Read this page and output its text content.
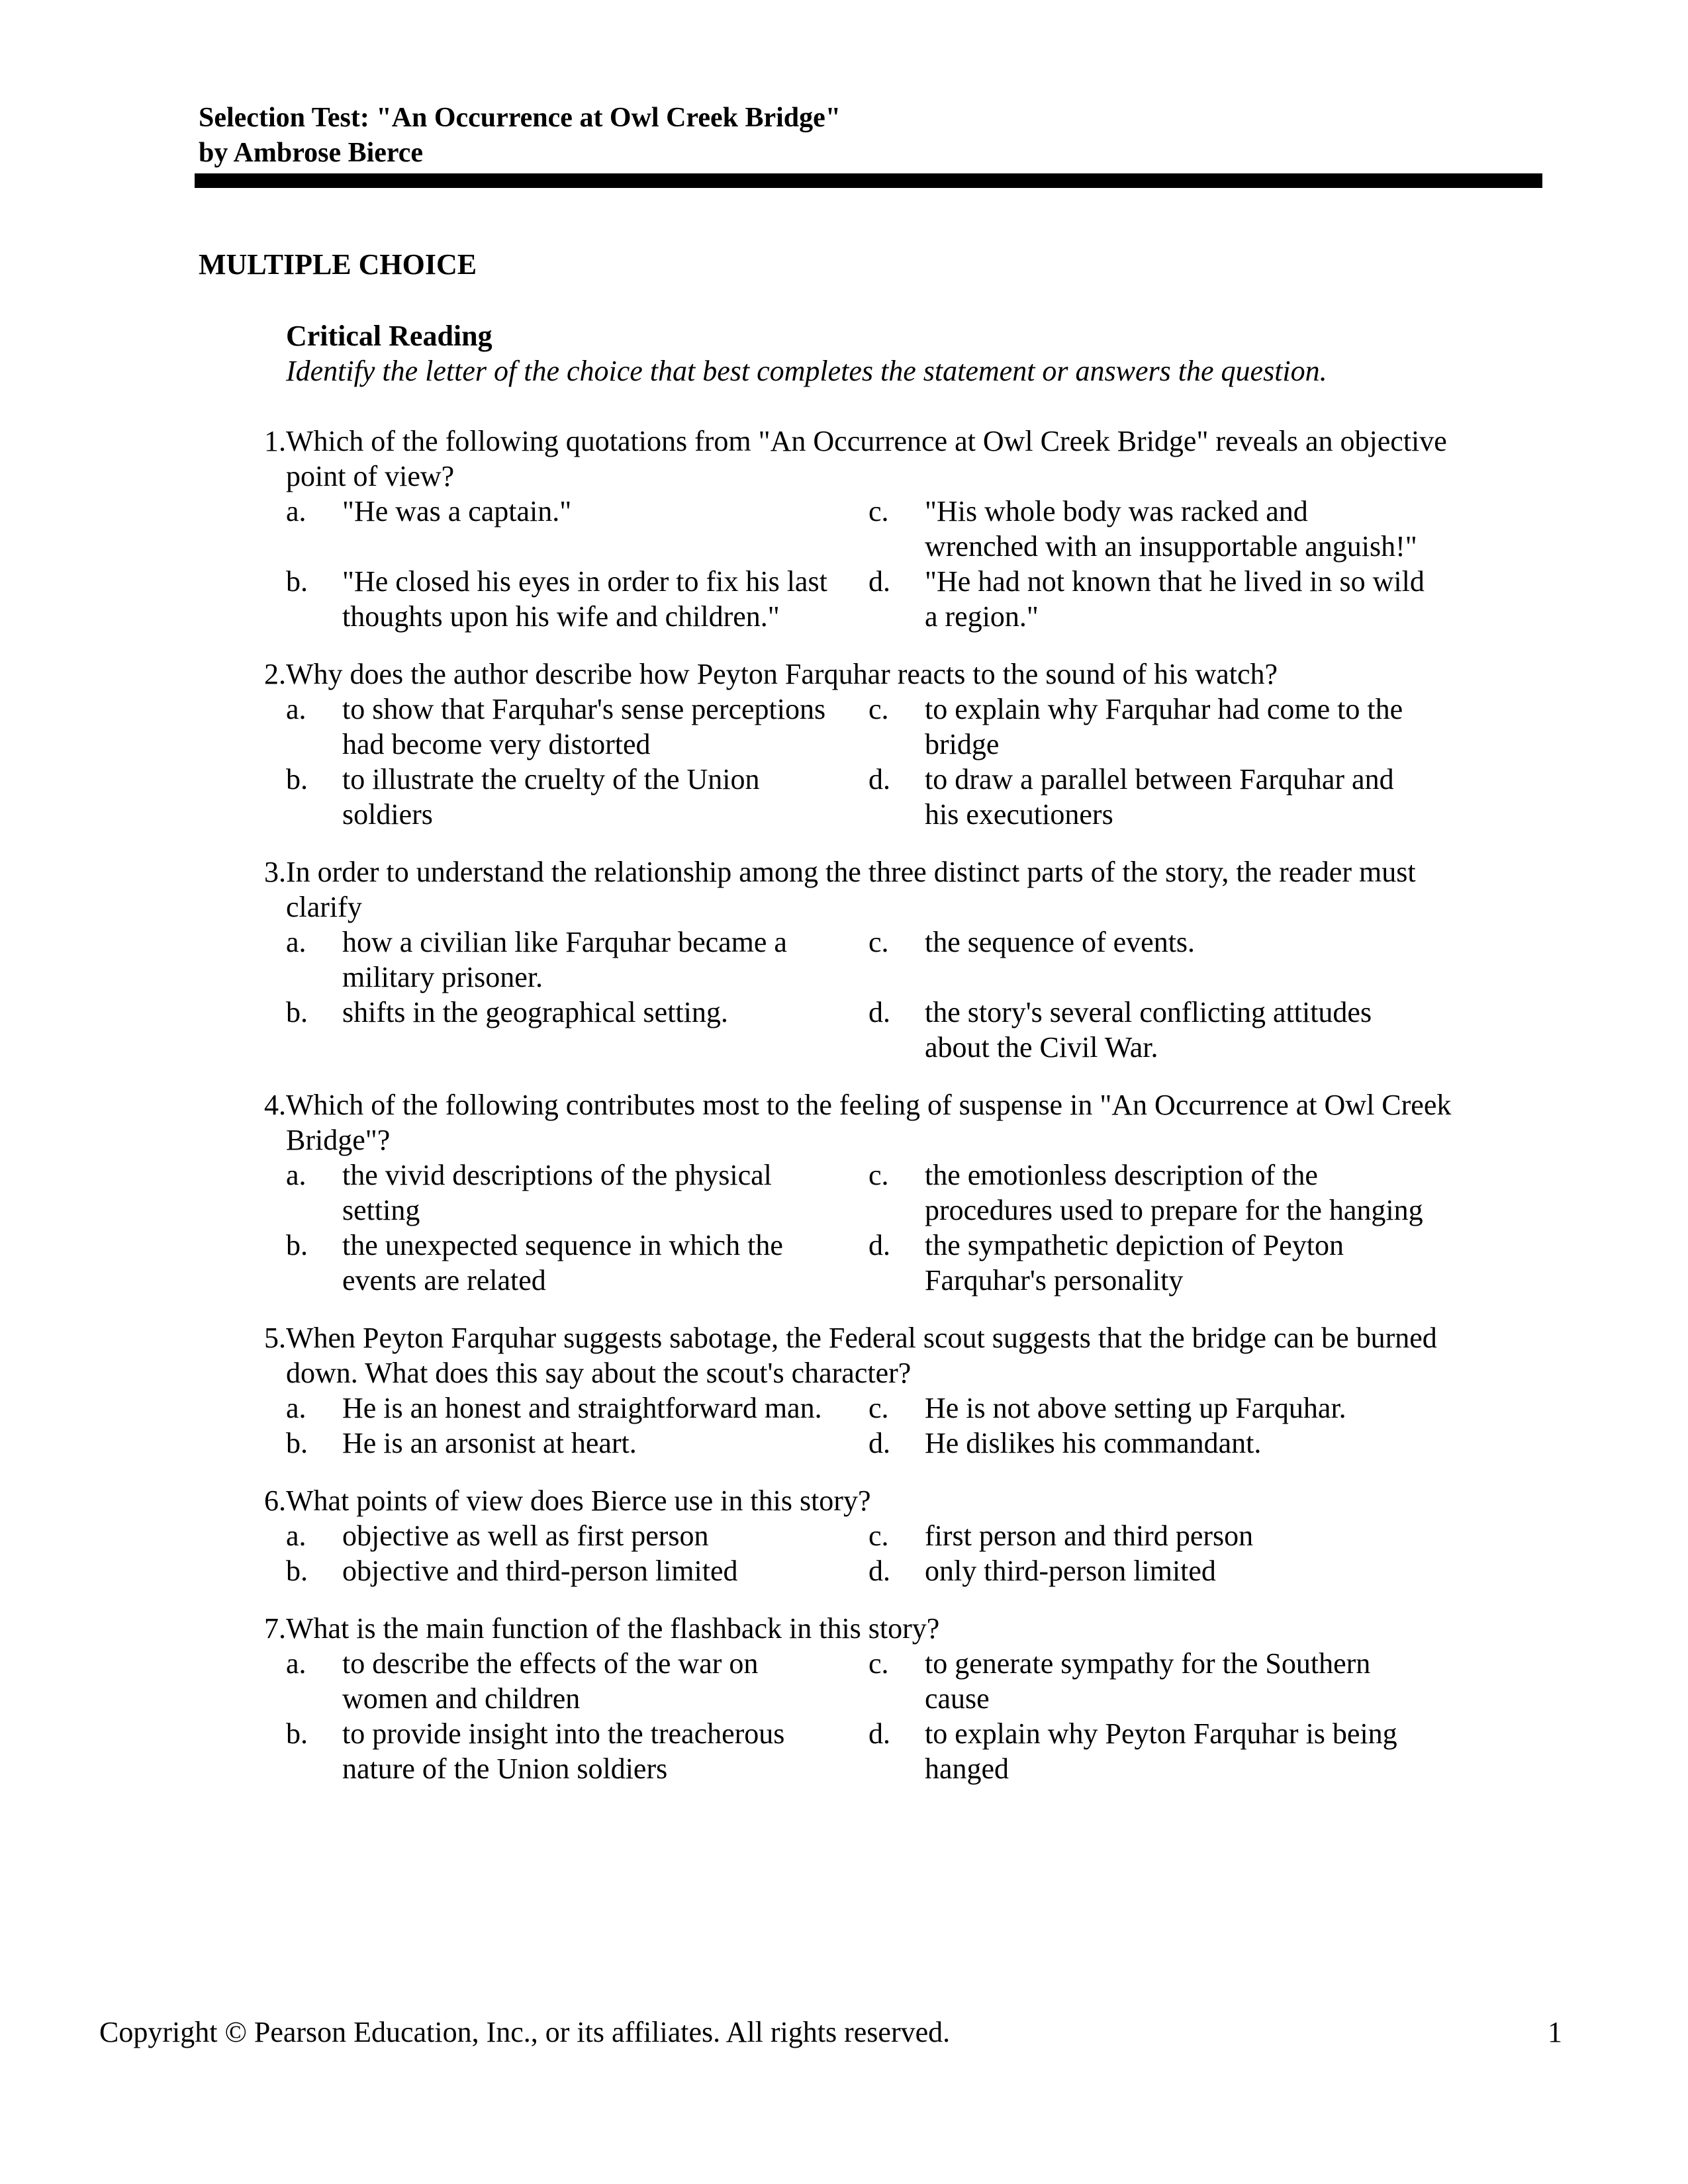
Selection Test: "An Occurrence at Owl Creek Bridge"
by Ambrose Bierce
MULTIPLE CHOICE
Critical Reading
Identify the letter of the choice that best completes the statement or answers the question.
1. Which of the following quotations from "An Occurrence at Owl Creek Bridge" reveals an objective point of view?
a.	"He was a captain."	c.	"His whole body was racked and wrenched with an insupportable anguish!"
b.	"He closed his eyes in order to fix his last thoughts upon his wife and children."
d.	"He had not known that he lived in so wild a region."
2. Why does the author describe how Peyton Farquhar reacts to the sound of his watch?
a.	to show that Farquhar's sense perceptions had become very distorted
c.	to explain why Farquhar had come to the bridge
b.	to illustrate the cruelty of the Union soldiers
d.	to draw a parallel between Farquhar and his executioners
3. In order to understand the relationship among the three distinct parts of the story, the reader must clarify
a.	how a civilian like Farquhar became a military prisoner.
c.	the sequence of events.
b.	shifts in the geographical setting.	d.	the story's several conflicting attitudes about the Civil War.
4. Which of the following contributes most to the feeling of suspense in "An Occurrence at Owl Creek Bridge"?
a.	the vivid descriptions of the physical setting
c.	the emotionless description of the procedures used to prepare for the hanging
b.	the unexpected sequence in which the events are related
d.	the sympathetic depiction of Peyton Farquhar's personality
5. When Peyton Farquhar suggests sabotage, the Federal scout suggests that the bridge can be burned down. What does this say about the scout's character?
a.	He is an honest and straightforward man.	c.	He is not above setting up Farquhar.
b.	He is an arsonist at heart.	d.	He dislikes his commandant.
6. What points of view does Bierce use in this story?
a.	objective as well as first person	c.	first person and third person
b.	objective and third-person limited	d.	only third-person limited
7. What is the main function of the flashback in this story?
a.	to describe the effects of the war on women and children
c.	to generate sympathy for the Southern cause
b.	to provide insight into the treacherous nature of the Union soldiers
d.	to explain why Peyton Farquhar is being hanged
Copyright © Pearson Education, Inc., or its affiliates. All rights reserved.	1
